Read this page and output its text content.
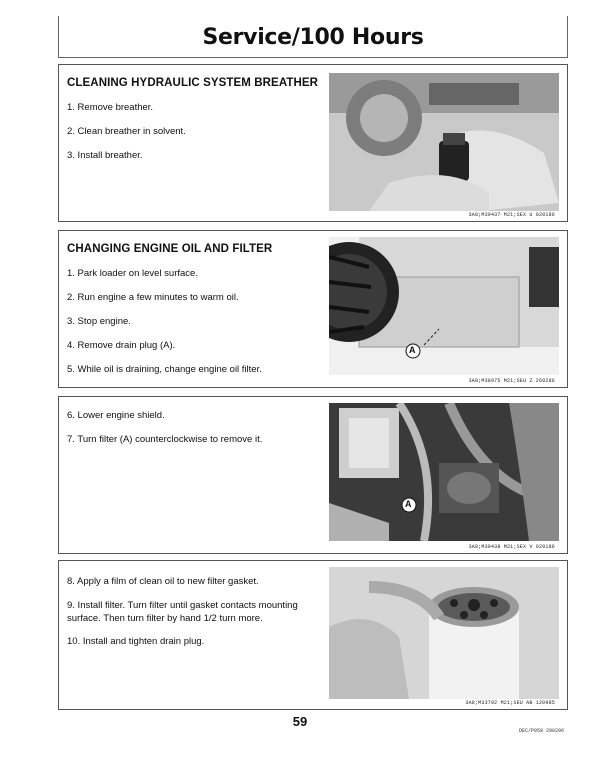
Service/100 Hours
CLEANING HYDRAULIC SYSTEM BREATHER
1. Remove breather.
2. Clean breather in solvent.
3. Install breather.
3A8;M39437 M21;SEX U 020186
CHANGING ENGINE OIL AND FILTER
1. Park loader on level surface.
2. Run engine a few minutes to warm oil.
3. Stop engine.
4. Remove drain plug (A).
5. While oil is draining, change engine oil filter.
A
3A8;M38975 M21;SEU Z 260286
6. Lower engine shield.
7. Turn filter (A) counterclockwise to remove it.
A
3A8;M39438 M21;SEX V 020186
8. Apply a film of clean oil to new filter gasket.
9. Install filter. Turn filter until gasket contacts mounting surface. Then turn filter by hand 1/2 turn more.
10. Install and tighten drain plug.
3A8;M33792 M21;SEU AB 120985
59
DEC/P059 290206
